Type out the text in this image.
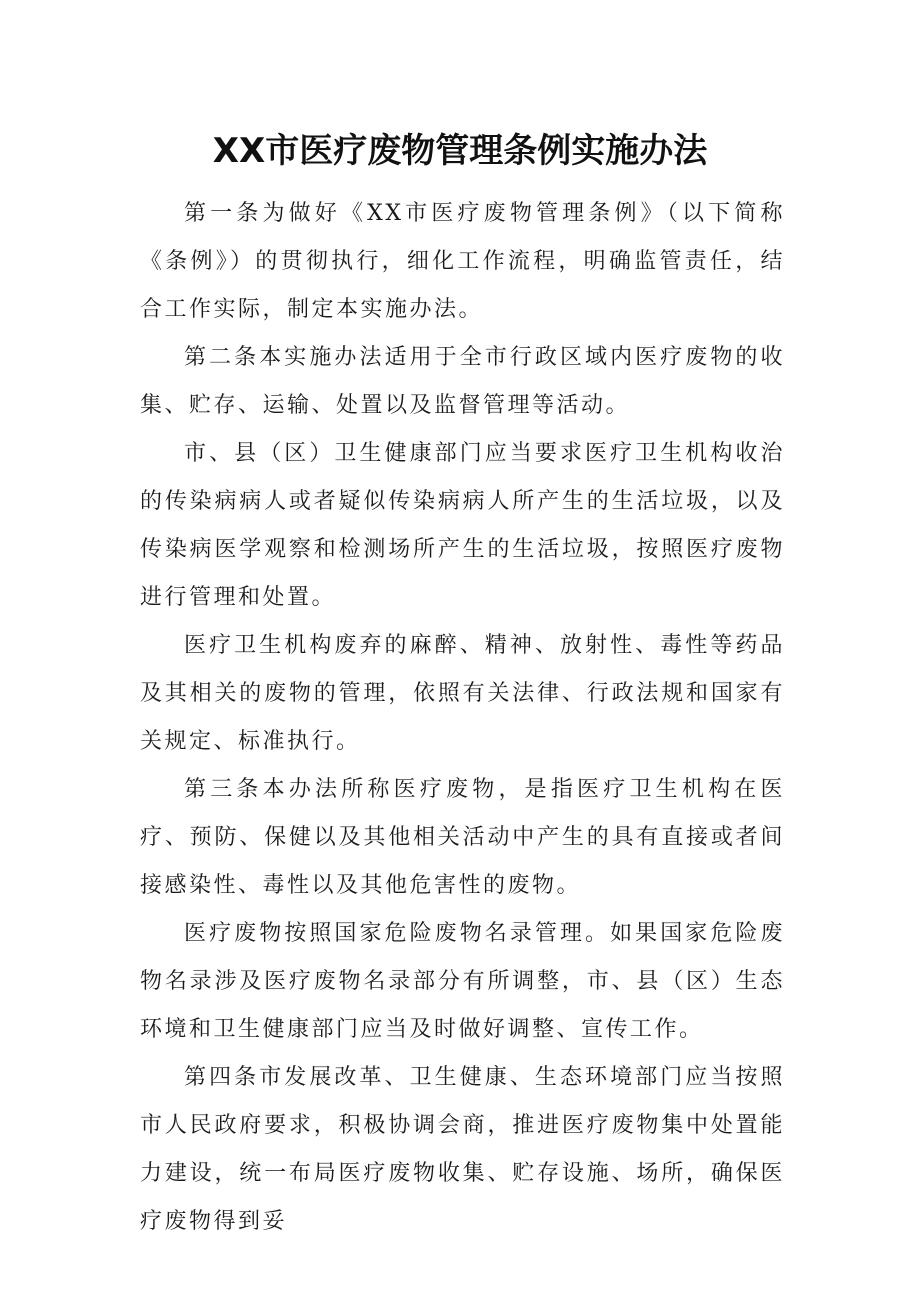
XX市医疗废物管理条例实施办法

第一条为做好《XX市医疗废物管理条例》（以下简称《条例》）的贯彻执行，细化工作流程，明确监管责任，结合工作实际，制定本实施办法。

第二条本实施办法适用于全市行政区域内医疗废物的收集、贮存、运输、处置以及监督管理等活动。

市、县（区）卫生健康部门应当要求医疗卫生机构收治的传染病病人或者疑似传染病病人所产生的生活垃圾，以及传染病医学观察和检测场所产生的生活垃圾，按照医疗废物进行管理和处置。

医疗卫生机构废弃的麻醉、精神、放射性、毒性等药品及其相关的废物的管理，依照有关法律、行政法规和国家有关规定、标准执行。

第三条本办法所称医疗废物，是指医疗卫生机构在医疗、预防、保健以及其他相关活动中产生的具有直接或者间接感染性、毒性以及其他危害性的废物。

医疗废物按照国家危险废物名录管理。如果国家危险废物名录涉及医疗废物名录部分有所调整，市、县（区）生态环境和卫生健康部门应当及时做好调整、宣传工作。

第四条市发展改革、卫生健康、生态环境部门应当按照市人民政府要求，积极协调会商，推进医疗废物集中处置能力建设，统一布局医疗废物收集、贮存设施、场所，确保医疗废物得到妥
